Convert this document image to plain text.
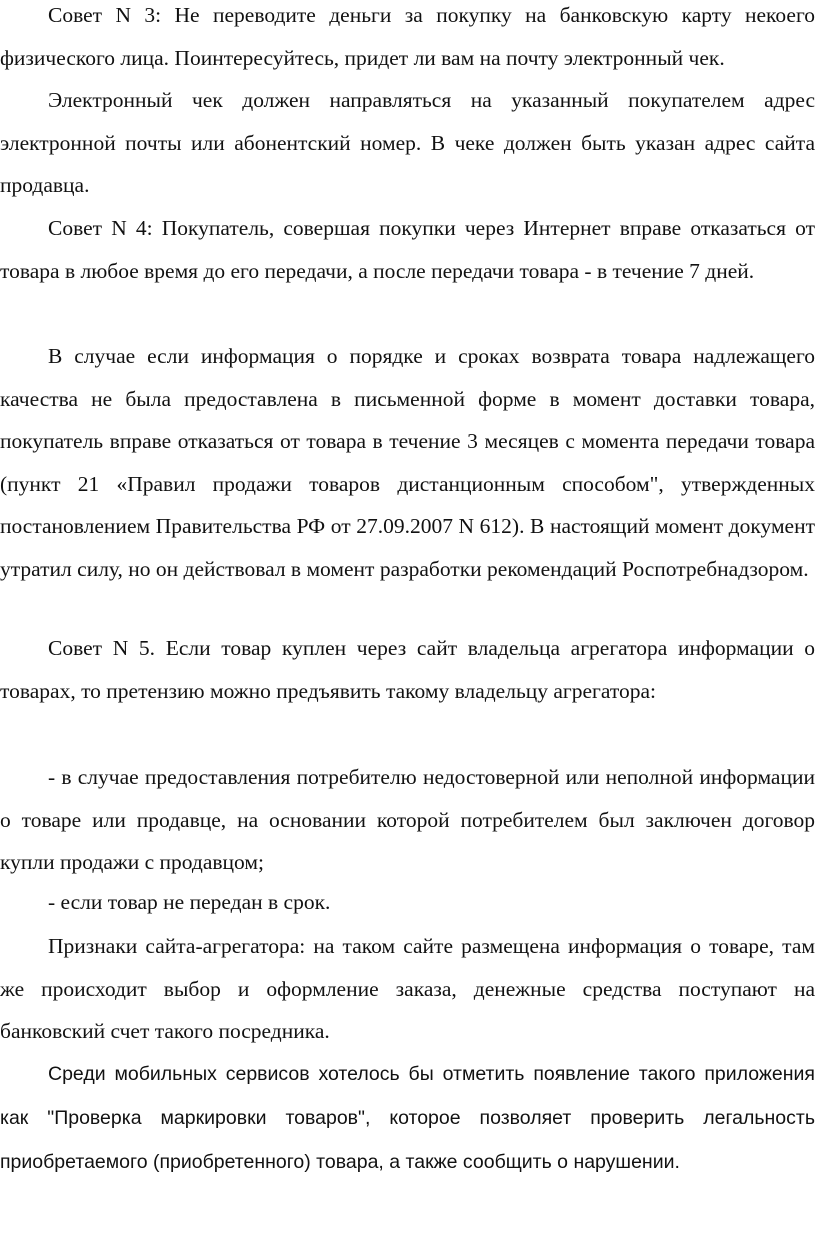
Совет N 3: Не переводите деньги за покупку на банковскую карту некоего физического лица. Поинтересуйтесь, придет ли вам на почту электронный чек.

Электронный чек должен направляться на указанный покупателем адрес электронной почты или абонентский номер. В чеке должен быть указан адрес сайта продавца.

Совет N 4: Покупатель, совершая покупки через Интернет вправе отказаться от товара в любое время до его передачи, а после передачи товара - в течение 7 дней.

В случае если информация о порядке и сроках возврата товара надлежащего качества не была предоставлена в письменной форме в момент доставки товара, покупатель вправе отказаться от товара в течение 3 месяцев с момента передачи товара (пункт 21 «Правил продажи товаров дистанционным способом", утвержденных постановлением Правительства РФ от 27.09.2007 N 612). В настоящий момент документ утратил силу, но он действовал в момент разработки рекомендаций Роспотребнадзором.

Совет N 5. Если товар куплен через сайт владельца агрегатора информации о товарах, то претензию можно предъявить такому владельцу агрегатора:

- в случае предоставления потребителю недостоверной или неполной информации о товаре или продавце, на основании которой потребителем был заключен договор купли продажи с продавцом;

- если товар не передан в срок.

Признаки сайта-агрегатора: на таком сайте размещена информация о товаре, там же происходит выбор и оформление заказа, денежные средства поступают на банковский счет такого посредника.

Среди мобильных сервисов хотелось бы отметить появление такого приложения как "Проверка маркировки товаров", которое позволяет проверить легальность приобретаемого (приобретенного) товара, а также сообщить о нарушении.
